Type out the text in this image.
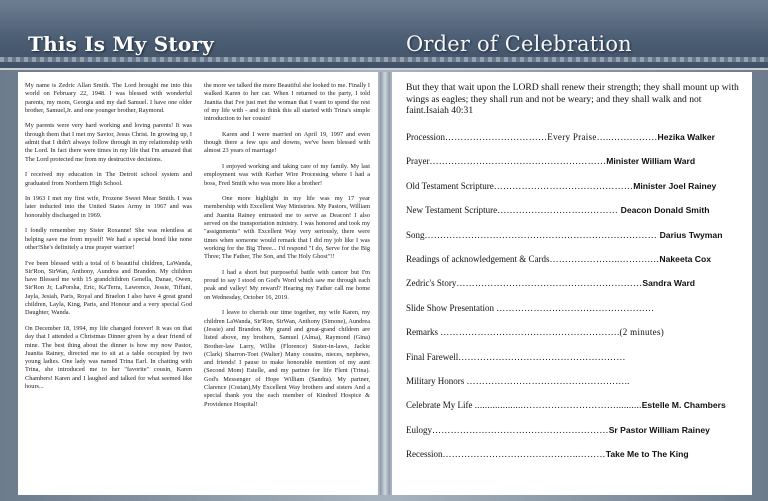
This Is My Story	Order of Celebration

My name is Zedric Allan Smith. The Lord brought me into this world on February 22, 1948. I was blessed with wonderful parents, my mom, Georgia and my dad Samuel. I have one older brother, Samuel,Jr. and one younger brother, Raymond.

My parents were very hard working and loving parents! It was through them that I met my Savior, Jesus Christ. In growing up, I admit that I didn't always follow through in my relationship with the Lord. In fact there were times in my life that I'm amazed that The Lord protected me from my destructive decisions.

I received my education in The Detroit school system and graduated from Northern High School.

In 1963 I met my first wife, Frozene Sweet Mear Smith. I was later inducted into the United States Army in 1967 and was honorably discharged in 1969.

I fondly remember my Sister Roxanne! She was relentless at helping save me from myself! We had a special bond like none other!She's definitely a true prayer warrior!

I've been blessed with a total of 6 beautiful children, LaWanda, Sir'Ron, SirWan, Anthony, Aundrea and Brandon. My children have Blessed me with 15 grandchildren Genella, Danae, Owen, Sir'Ron Jr, LaPorsha, Eric, Ka'Terra, Lawrence, Jessie, Tiffani, Jayla, Jesiah, Paris, Royal and Braelon I also have 4 great grand children, Layla, King, Paris, and Honour and a very special God Daughter, Wanda.

On December 18, 1994, my life changed forever! It was on that day that I attended a Christmas Dinner given by a dear friend of mine. The best thing about the dinner is how my now Pastor, Juanita Rainey, directed me to sit at a table occupied by two young ladies. One lady was named Trina Earl. In chatting with Trina, she introduced me to her "favorite" cousin, Karen Chambers! Karen and I laughed and talked for what seemed like hours...

the more we talked the more Beautiful she looked to me. Finally I walked Karen to her car. When I returned to the party, I told Juanita that I've just met the woman that I want to spend the rest of my life with - and to think this all started with Trina's simple introduction to her cousin!

Karen and I were married on April 19, 1997 and even though there a few ups and downs, we've been blessed with almost 23 years of marriage!

I enjoyed working and taking care of my family. My last employment was with Kerher Wire Processing where I had a boss, Fred Smith who was more like a brother!

One more highlight in my life was my 17 year membership with Excellent Way Ministries. My Pastors, William and Juanita Rainey entrusted me to serve as Deacon! I also served on the transportation ministry. I was honored and took my "assignments" with Excellent Way very seriously, there were times when someone would remark that I did my job like I was working for the Big Three... I'd respond "I do, Serve for the Big Three; The Father, The Son, and The Holy Ghost"!!

I had a short but purposeful battle with cancer but I'm proud to say I stood on God's Word which saw me through each peak and valley! My reward? Hearing my Father call me home on Wednesday, October 16, 2019.

I leave to cherish our time together, my wife Karen, my children LaWanda, Sir'Ron, SirWan, Anthony (Simone), Aundrea (Jessie) and Brandon. My grand and great-grand children are listed above, my brothers, Samuel (Alma), Raymond (Gina) Brother-law Larry, Willie (Florence) Sister-in-laws, Jackie (Clark) Sharron-Toet (Walter) Many cousins, nieces, nephews, and friends! I pause to make honorable mention of my aunt (Second Mom) Estelle, and my partner for life Flent (Trina). God's Messenger of Hope William (Sandra). My partner, Clarence (Costan),My Excellent Way brothers and sisters And a special thank you the each member of Kindred Hospice & Providence Hospital!

But they that wait upon the LORD shall renew their strength; they shall mount up with wings as eagles; they shall run and not be weary; and they shall walk and not faint.Isaiah 40:31
Procession……………………………Every Praise…..……………Hezika Walker
Prayer…………………………………………………Minister William Ward
Old Testament Scripture………………………………………Minister Joel Rainey
New Testament Scripture………………………………… Deacon Donald Smith
Song………………………………………………………………… Darius Twyman
Readings of acknowledgement & Cards…………………..……….…Nakeeta Cox
Zedric's Story……………………………………………………Sandra Ward
Slide Show Presentation ……………………………………………
Remarks ………………………………………………….(2 minutes)
Final Farewell………………………………………………
Military Honors ……………………………………………..
Celebrate My Life ...................…………………………..........Estelle M. Chambers
Eulogy…………………………………………………Sr Pastor William Rainey
Recession……………………………………..………Take Me to The King
